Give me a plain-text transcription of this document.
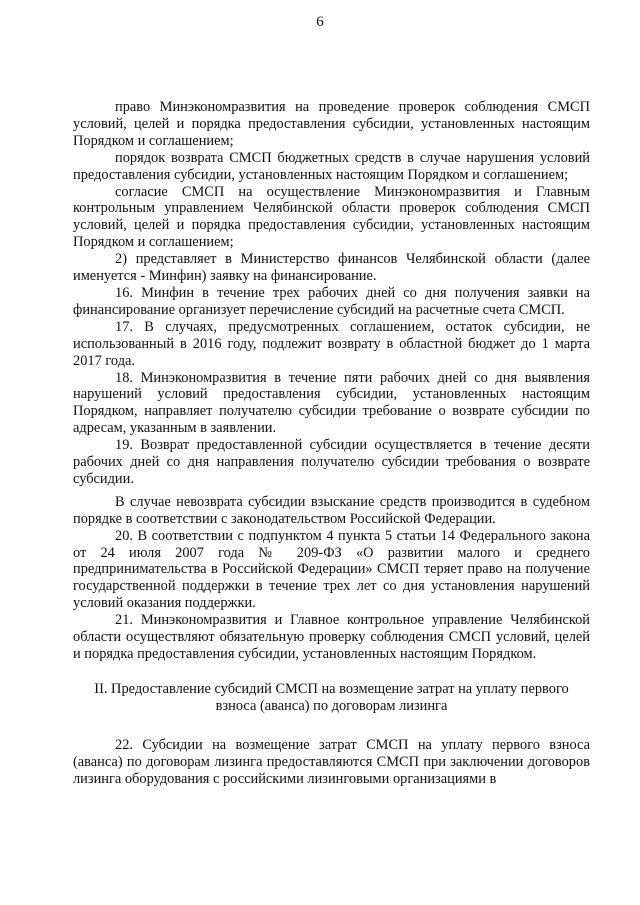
6

право Минэкономразвития на проведение проверок соблюдения СМСП условий, целей и порядка предоставления субсидии, установленных настоящим Порядком и соглашением;

порядок возврата СМСП бюджетных средств в случае нарушения условий предоставления субсидии, установленных настоящим Порядком и соглашением;

согласие СМСП на осуществление Минэкономразвития и Главным контрольным управлением Челябинской области проверок соблюдения СМСП условий, целей и порядка предоставления субсидии, установленных настоящим Порядком и соглашением;

2) представляет в Министерство финансов Челябинской области (далее именуется - Минфин) заявку на финансирование.

16. Минфин в течение трех рабочих дней со дня получения заявки на финансирование организует перечисление субсидий на расчетные счета СМСП.

17. В случаях, предусмотренных соглашением, остаток субсидии, не использованный в 2016 году, подлежит возврату в областной бюджет до 1 марта 2017 года.

18. Минэкономразвития в течение пяти рабочих дней со дня выявления нарушений условий предоставления субсидии, установленных настоящим Порядком, направляет получателю субсидии требование о возврате субсидии по адресам, указанным в заявлении.

19. Возврат предоставленной субсидии осуществляется в течение десяти рабочих дней со дня направления получателю субсидии требования о возврате субсидии.

В случае невозврата субсидии взыскание средств производится в судебном порядке в соответствии с законодательством Российской Федерации.

20. В соответствии с подпунктом 4 пункта 5 статьи 14 Федерального закона от 24 июля 2007 года № 209-ФЗ «О развитии малого и среднего предпринимательства в Российской Федерации» СМСП теряет право на получение государственной поддержки в течение трех лет со дня установления нарушений условий оказания поддержки.

21. Минэкономразвития и Главное контрольное управление Челябинской области осуществляют обязательную проверку соблюдения СМСП условий, целей и порядка предоставления субсидии, установленных настоящим Порядком.

II. Предоставление субсидий СМСП на возмещение затрат на уплату первого взноса (аванса) по договорам лизинга

22. Субсидии на возмещение затрат СМСП на уплату первого взноса (аванса) по договорам лизинга предоставляются СМСП при заключении договоров лизинга оборудования с российскими лизинговыми организациями в
